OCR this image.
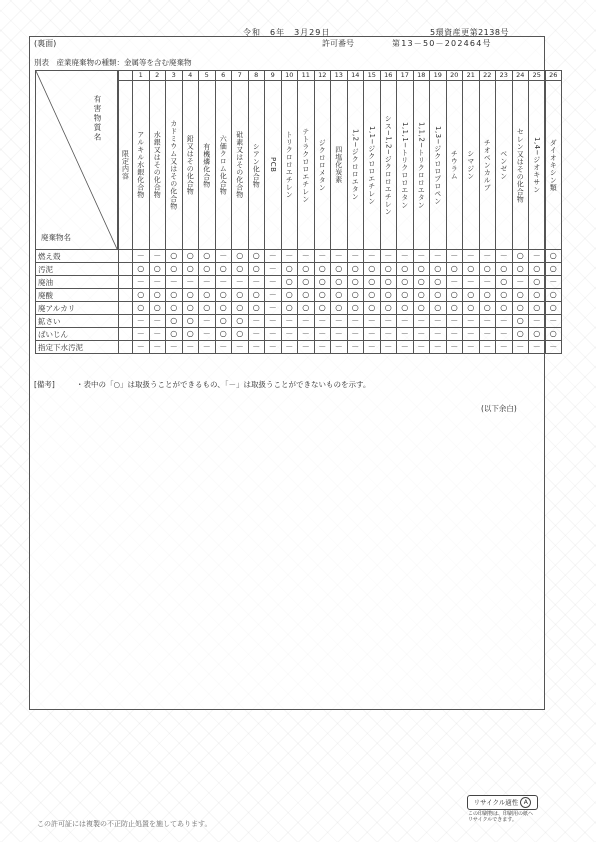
令和　6年　3月29日	5環資産更第2138号
(裏面)	許可番号	第13－50－202464号
別表　産業廃棄物の種類：金属等を含む廃棄物
有害物質名
廃棄物名		1	2	3	4	5	6	7	8	9	10	11	12	13	14	15	16	17	18	19	20	21	22	23	24	25	26

	限定内容	アルキル水銀化合物	水銀又はその化合物	カドミウム又はその化合物	鉛又はその化合物	有機燐化合物	六価クロム化合物	砒素又はその化合物	シアン化合物	PCB	トリクロロエチレン	テトラクロロエチレン	ジクロロメタン	四塩化炭素	1,2−ジクロロエタン	1,1−ジクロロエチレン	シス−1,2−ジクロロエチレン	1,1,1−トリクロロエタン	1,1,2−トリクロロエタン	1,3−ジクロロプロペン	チウラム	シマジン	チオベンカルブ	ベンゼン	セレン又はその化合物	1,4−ジオキサン	ダイオキシン類

燃え殻		－	－	○	○	○	－	○	○	－	－	－	－	－	－	－	－	－	－	－	－	－	－	－	○	－	○
汚泥		○	○	○	○	○	○	○	○	－	○	○	○	○	○	○	○	○	○	○	○	○	○	○	○	○	○
廃油		－	－	－	－	－	－	－	－	－	○	○	○	○	○	○	○	○	○	○	－	－	－	○	－	○	－
廃酸		○	○	○	○	○	○	○	○	－	○	○	○	○	○	○	○	○	○	○	○	○	○	○	○	○	○
廃アルカリ		○	○	○	○	○	○	○	○	－	○	○	○	○	○	○	○	○	○	○	○	○	○	○	○	○	○
鉱さい		－	－	○	○	－	○	○	－	－	－	－	－	－	－	－	－	－	－	－	－	－	－	－	○	－	－
ばいじん		－	－	○	○	－	○	○	－	－	－	－	－	－	－	－	－	－	－	－	－	－	－	－	○	○	○
指定下水汚泥		－	－	－	－	－	－	－	－	－	－	－	－	－	－	－	－	－	－	－	－	－	－	－	－	－	－
[備考]	・表中の「○」は取扱うことができるもの、「－」は取扱うことができないものを示す。
(以下余白)
リサイクル適性 A
この印刷物は、印刷用の紙へ
リサイクルできます。
この許可証には複製の不正防止処置を施してあります。
